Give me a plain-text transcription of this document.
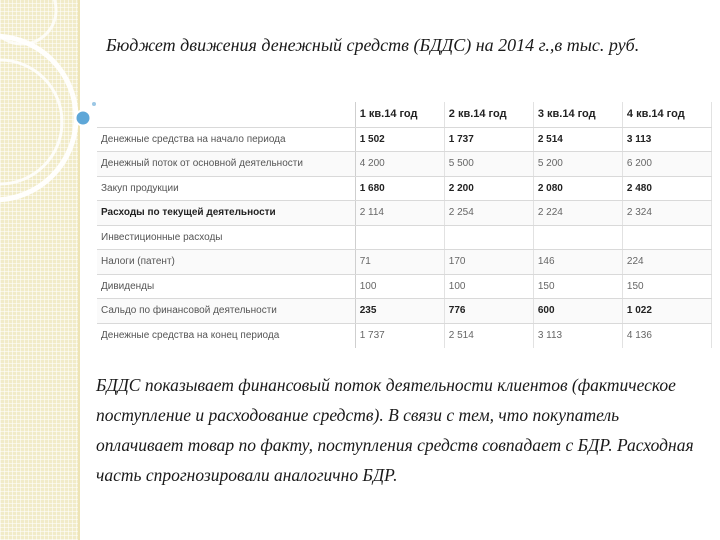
Бюджет движения денежный средств (БДДС) на 2014 г.,в тыс. руб.
	1 кв.14 год	2 кв.14 год	3 кв.14 год	4 кв.14 год
Денежные средства на начало периода	1 502	1 737	2 514	3 113
Денежный поток от основной деятельности	4 200	5 500	5 200	6 200
Закуп продукции	1 680	2 200	2 080	2 480
Расходы по текущей деятельности	2 114	2 254	2 224	2 324
Инвестиционные расходы				
Налоги (патент)	71	170	146	224
Дивиденды	100	100	150	150
Сальдо по финансовой деятельности	235	776	600	1 022
Денежные средства на конец периода	1 737	2 514	3 113	4 136
БДДС показывает финансовый поток деятельности клиентов (фактическое поступление и расходование средств). В связи с тем, что покупатель оплачивает товар по факту, поступления средств совпадает с БДР. Расходная часть спрогнозировали аналогично БДР.
